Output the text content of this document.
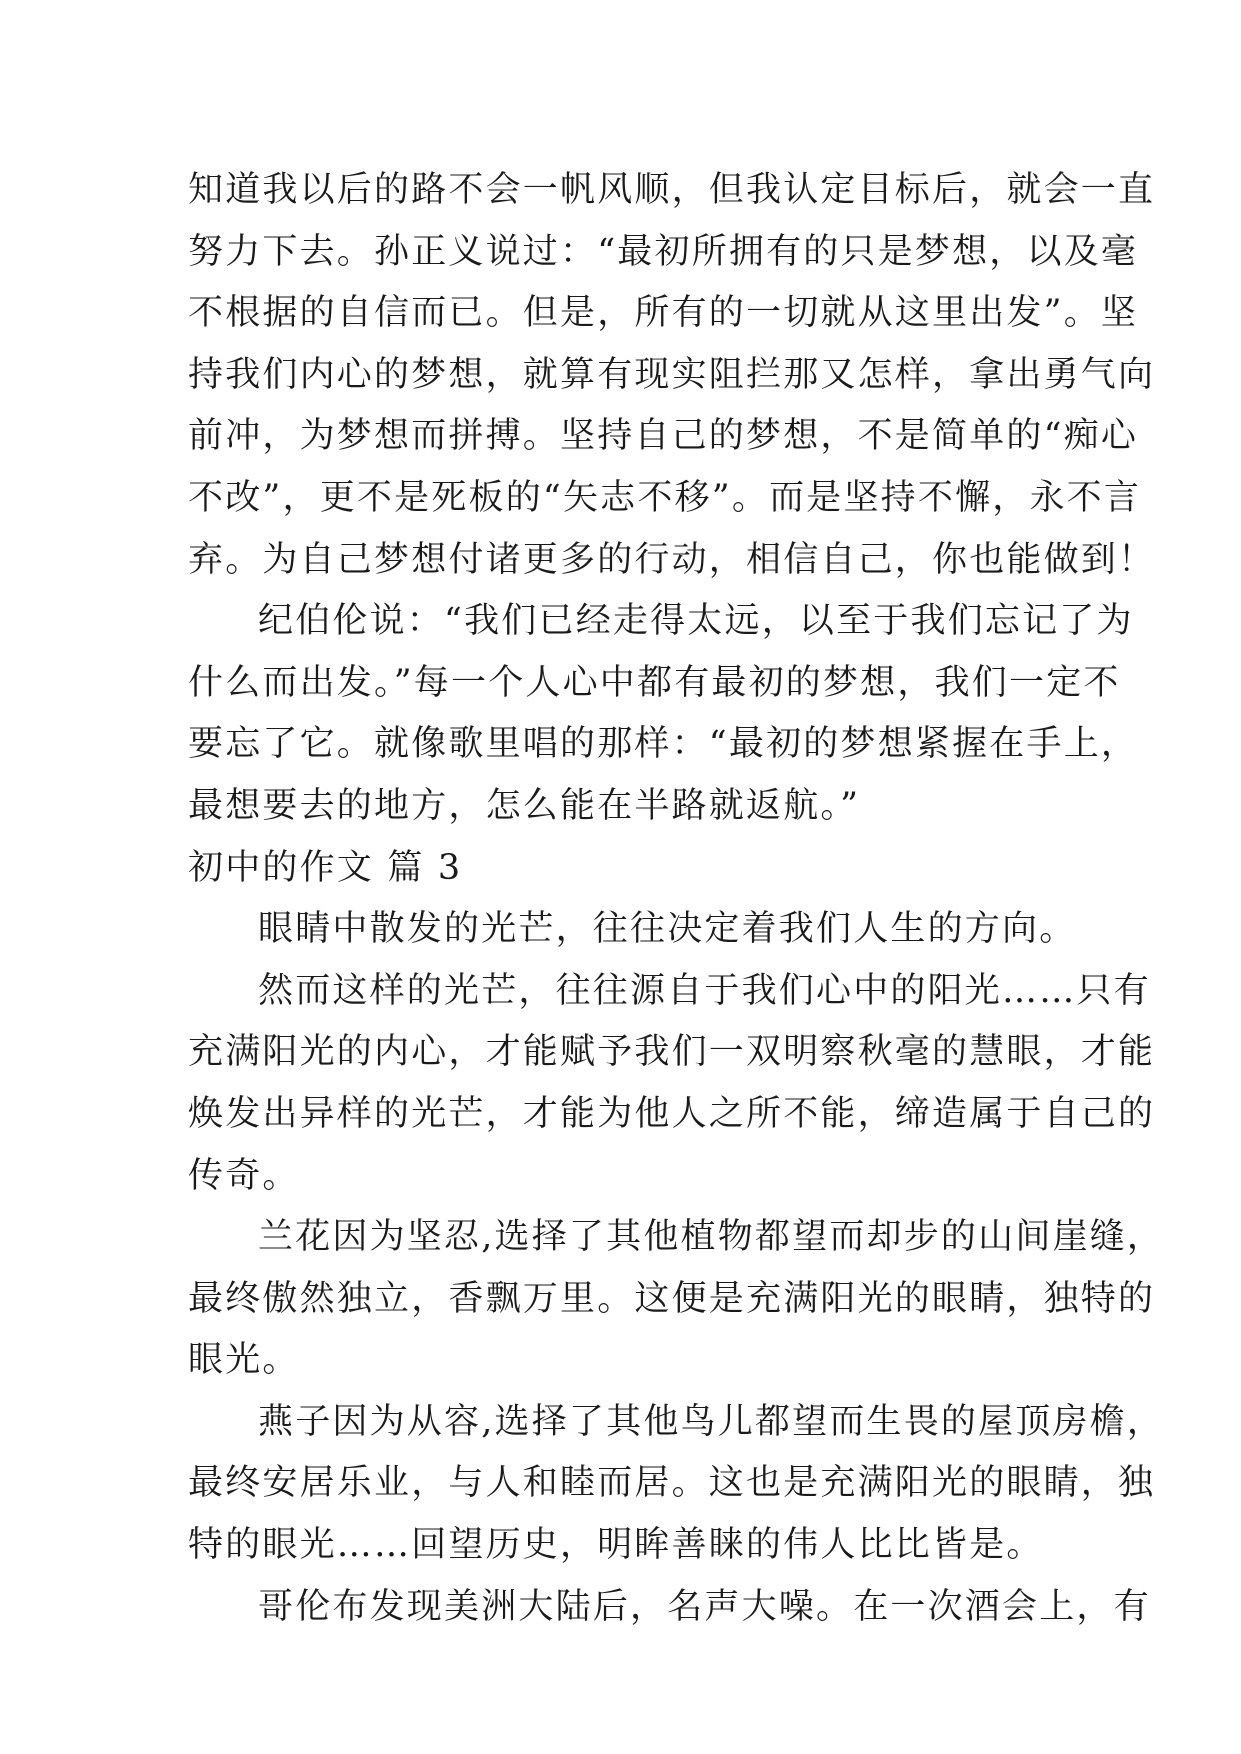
知道我以后的路不会一帆风顺，但我认定目标后，就会一直
努力下去。孙正义说过：“最初所拥有的只是梦想，以及毫
不根据的自信而已。但是，所有的一切就从这里出发”。坚
持我们内心的梦想，就算有现实阻拦那又怎样，拿出勇气向
前冲，为梦想而拼搏。坚持自己的梦想，不是简单的“痴心
不改”，更不是死板的“矢志不移”。而是坚持不懈，永不言
弃。为自己梦想付诸更多的行动，相信自己，你也能做到！
纪伯伦说：“我们已经走得太远，以至于我们忘记了为
什么而出发。”每一个人心中都有最初的梦想，我们一定不
要忘了它。就像歌里唱的那样：“最初的梦想紧握在手上，
最想要去的地方，怎么能在半路就返航。”
初中的作文 篇 3
眼睛中散发的光芒，往往决定着我们人生的方向。
然而这样的光芒，往往源自于我们心中的阳光……只有
充满阳光的内心，才能赋予我们一双明察秋毫的慧眼，才能
焕发出异样的光芒，才能为他人之所不能，缔造属于自己的
传奇。
兰花因为坚忍,选择了其他植物都望而却步的山间崖缝，
最终傲然独立，香飘万里。这便是充满阳光的眼睛，独特的
眼光。
燕子因为从容,选择了其他鸟儿都望而生畏的屋顶房檐，
最终安居乐业，与人和睦而居。这也是充满阳光的眼睛，独
特的眼光……回望历史，明眸善睐的伟人比比皆是。
哥伦布发现美洲大陆后，名声大噪。在一次酒会上，有
